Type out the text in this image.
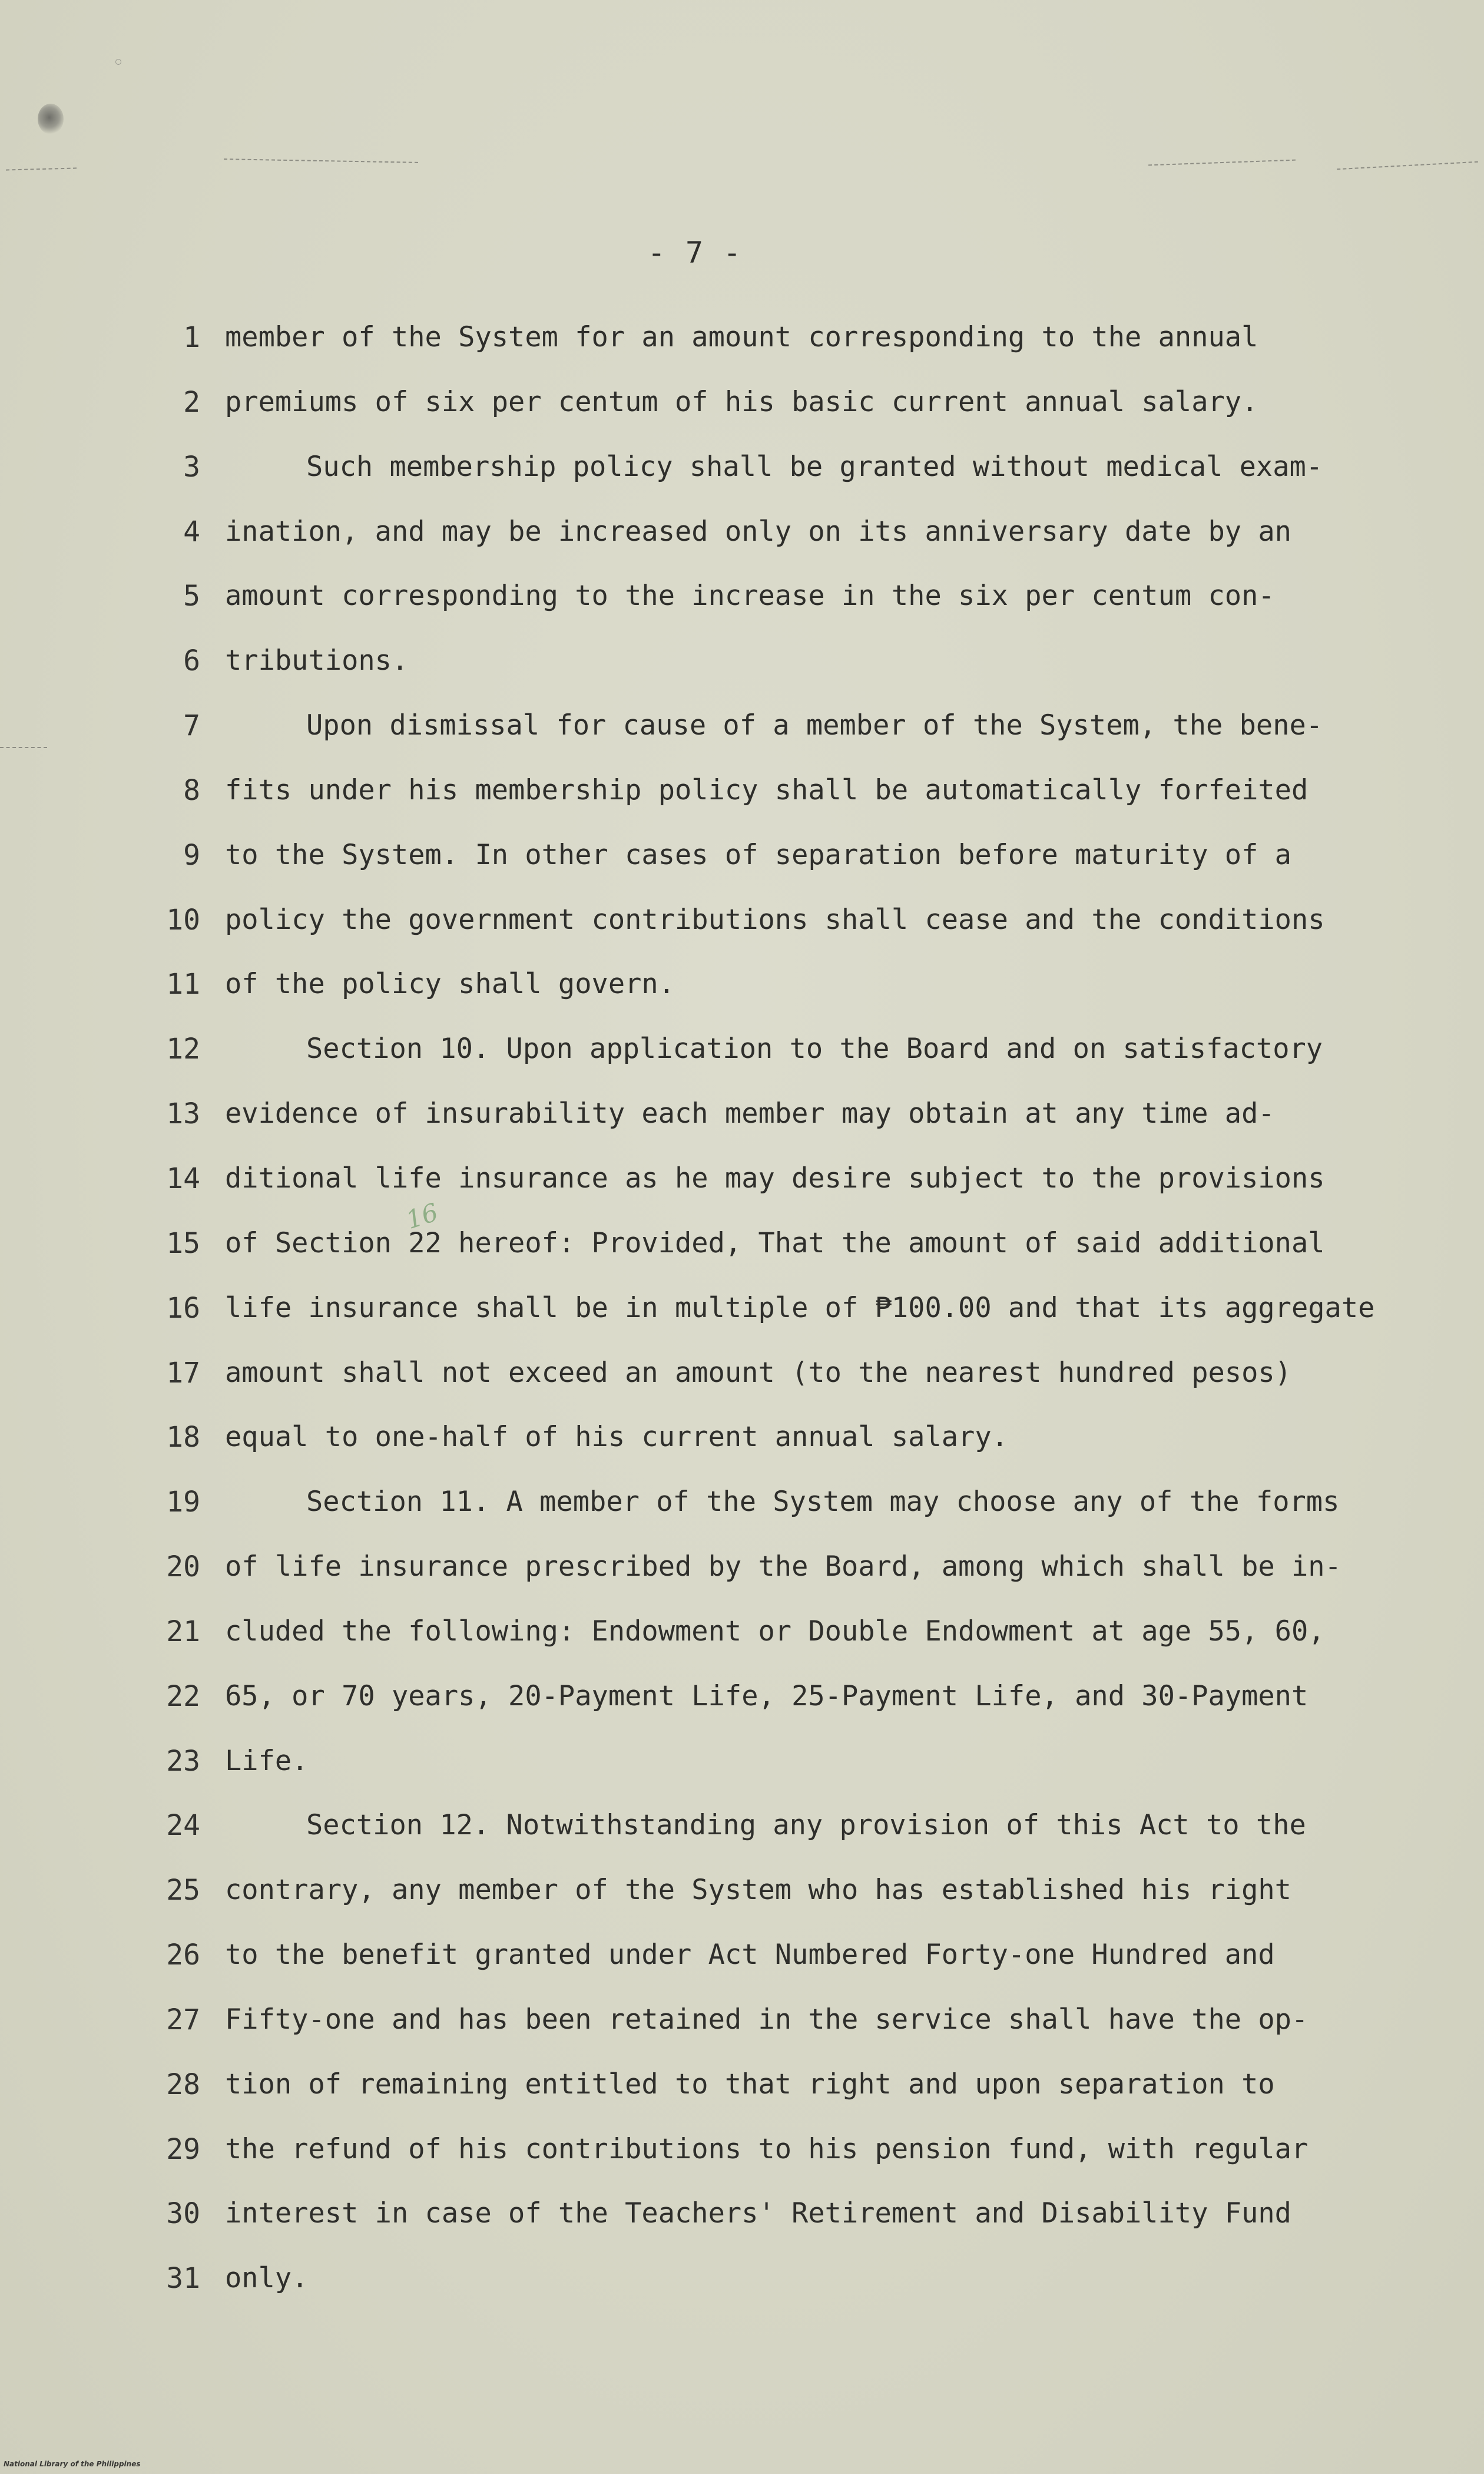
- 7 -
16
1 member of the System for an amount corresponding to the annual
2 premiums of six per centum of his basic current annual salary.
3	Such membership policy shall be granted without medical exam-
4 ination, and may be increased only on its anniversary date by an
5 amount corresponding to the increase in the six per centum con-
6 tributions.
7	Upon dismissal for cause of a member of the System, the bene-
8 fits under his membership policy shall be automatically forfeited
9 to the System. In other cases of separation before maturity of a
10 policy the government contributions shall cease and the conditions
11 of the policy shall govern.
12	Section 10. Upon application to the Board and on satisfactory
13 evidence of insurability each member may obtain at any time ad-
14 ditional life insurance as he may desire subject to the provisions
15 of Section 22 hereof: Provided, That the amount of said additional
16 life insurance shall be in multiple of ₱100.00 and that its aggregate
17 amount shall not exceed an amount (to the nearest hundred pesos)
18 equal to one-half of his current annual salary.
19	Section 11. A member of the System may choose any of the forms
20 of life insurance prescribed by the Board, among which shall be in-
21 cluded the following: Endowment or Double Endowment at age 55, 60,
22 65, or 70 years, 20-Payment Life, 25-Payment Life, and 30-Payment
23 Life.
24	Section 12. Notwithstanding any provision of this Act to the
25 contrary, any member of the System who has established his right
26 to the benefit granted under Act Numbered Forty-one Hundred and
27 Fifty-one and has been retained in the service shall have the op-
28 tion of remaining entitled to that right and upon separation to
29 the refund of his contributions to his pension fund, with regular
30 interest in case of the Teachers' Retirement and Disability Fund
31 only.
National Library of the Philippines
